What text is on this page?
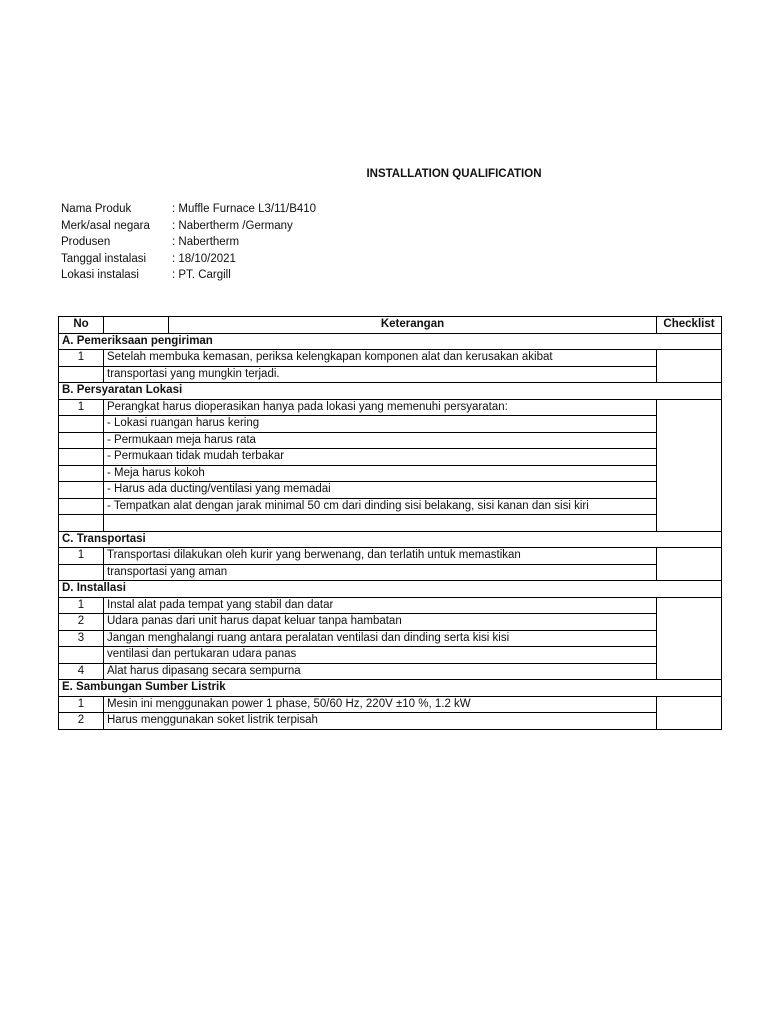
INSTALLATION QUALIFICATION
Nama Produk	: Muffle Furnace L3/11/B410
Merk/asal negara : Nabertherm /Germany
Produsen	: Nabertherm
Tanggal instalasi : 18/10/2021
Lokasi instalasi	: PT. Cargill
No		Keterangan	Checklist
A. Pemeriksaan pengiriman			
1	Setelah membuka kemasan, periksa kelengkapan komponen alat dan kerusakan akibat		
	transportasi yang mungkin terjadi.		
B. Persyaratan Lokasi			
1	Perangkat harus dioperasikan hanya pada lokasi yang memenuhi persyaratan:		
	- Lokasi ruangan harus kering		
	- Permukaan meja harus rata		
	- Permukaan tidak mudah terbakar		
	- Meja harus kokoh		
	- Harus ada ducting/ventilasi yang memadai		
	- Tempatkan alat dengan jarak minimal 50 cm dari dinding sisi belakang, sisi kanan dan sisi kiri		

C. Transportasi			
1	Transportasi dilakukan oleh kurir yang berwenang, dan terlatih untuk memastikan		
	transportasi yang aman		
D. Installasi			
1	Instal alat pada tempat yang stabil dan datar		
2	Udara panas dari unit harus dapat keluar tanpa hambatan		
3	Jangan menghalangi ruang antara peralatan ventilasi dan dinding serta kisi kisi		
	ventilasi dan pertukaran udara panas		
4	Alat harus dipasang secara sempurna		
E. Sambungan Sumber Listrik			
1	Mesin ini menggunakan power 1 phase, 50/60 Hz, 220V ±10 %, 1.2 kW		
2	Harus menggunakan soket listrik terpisah		
